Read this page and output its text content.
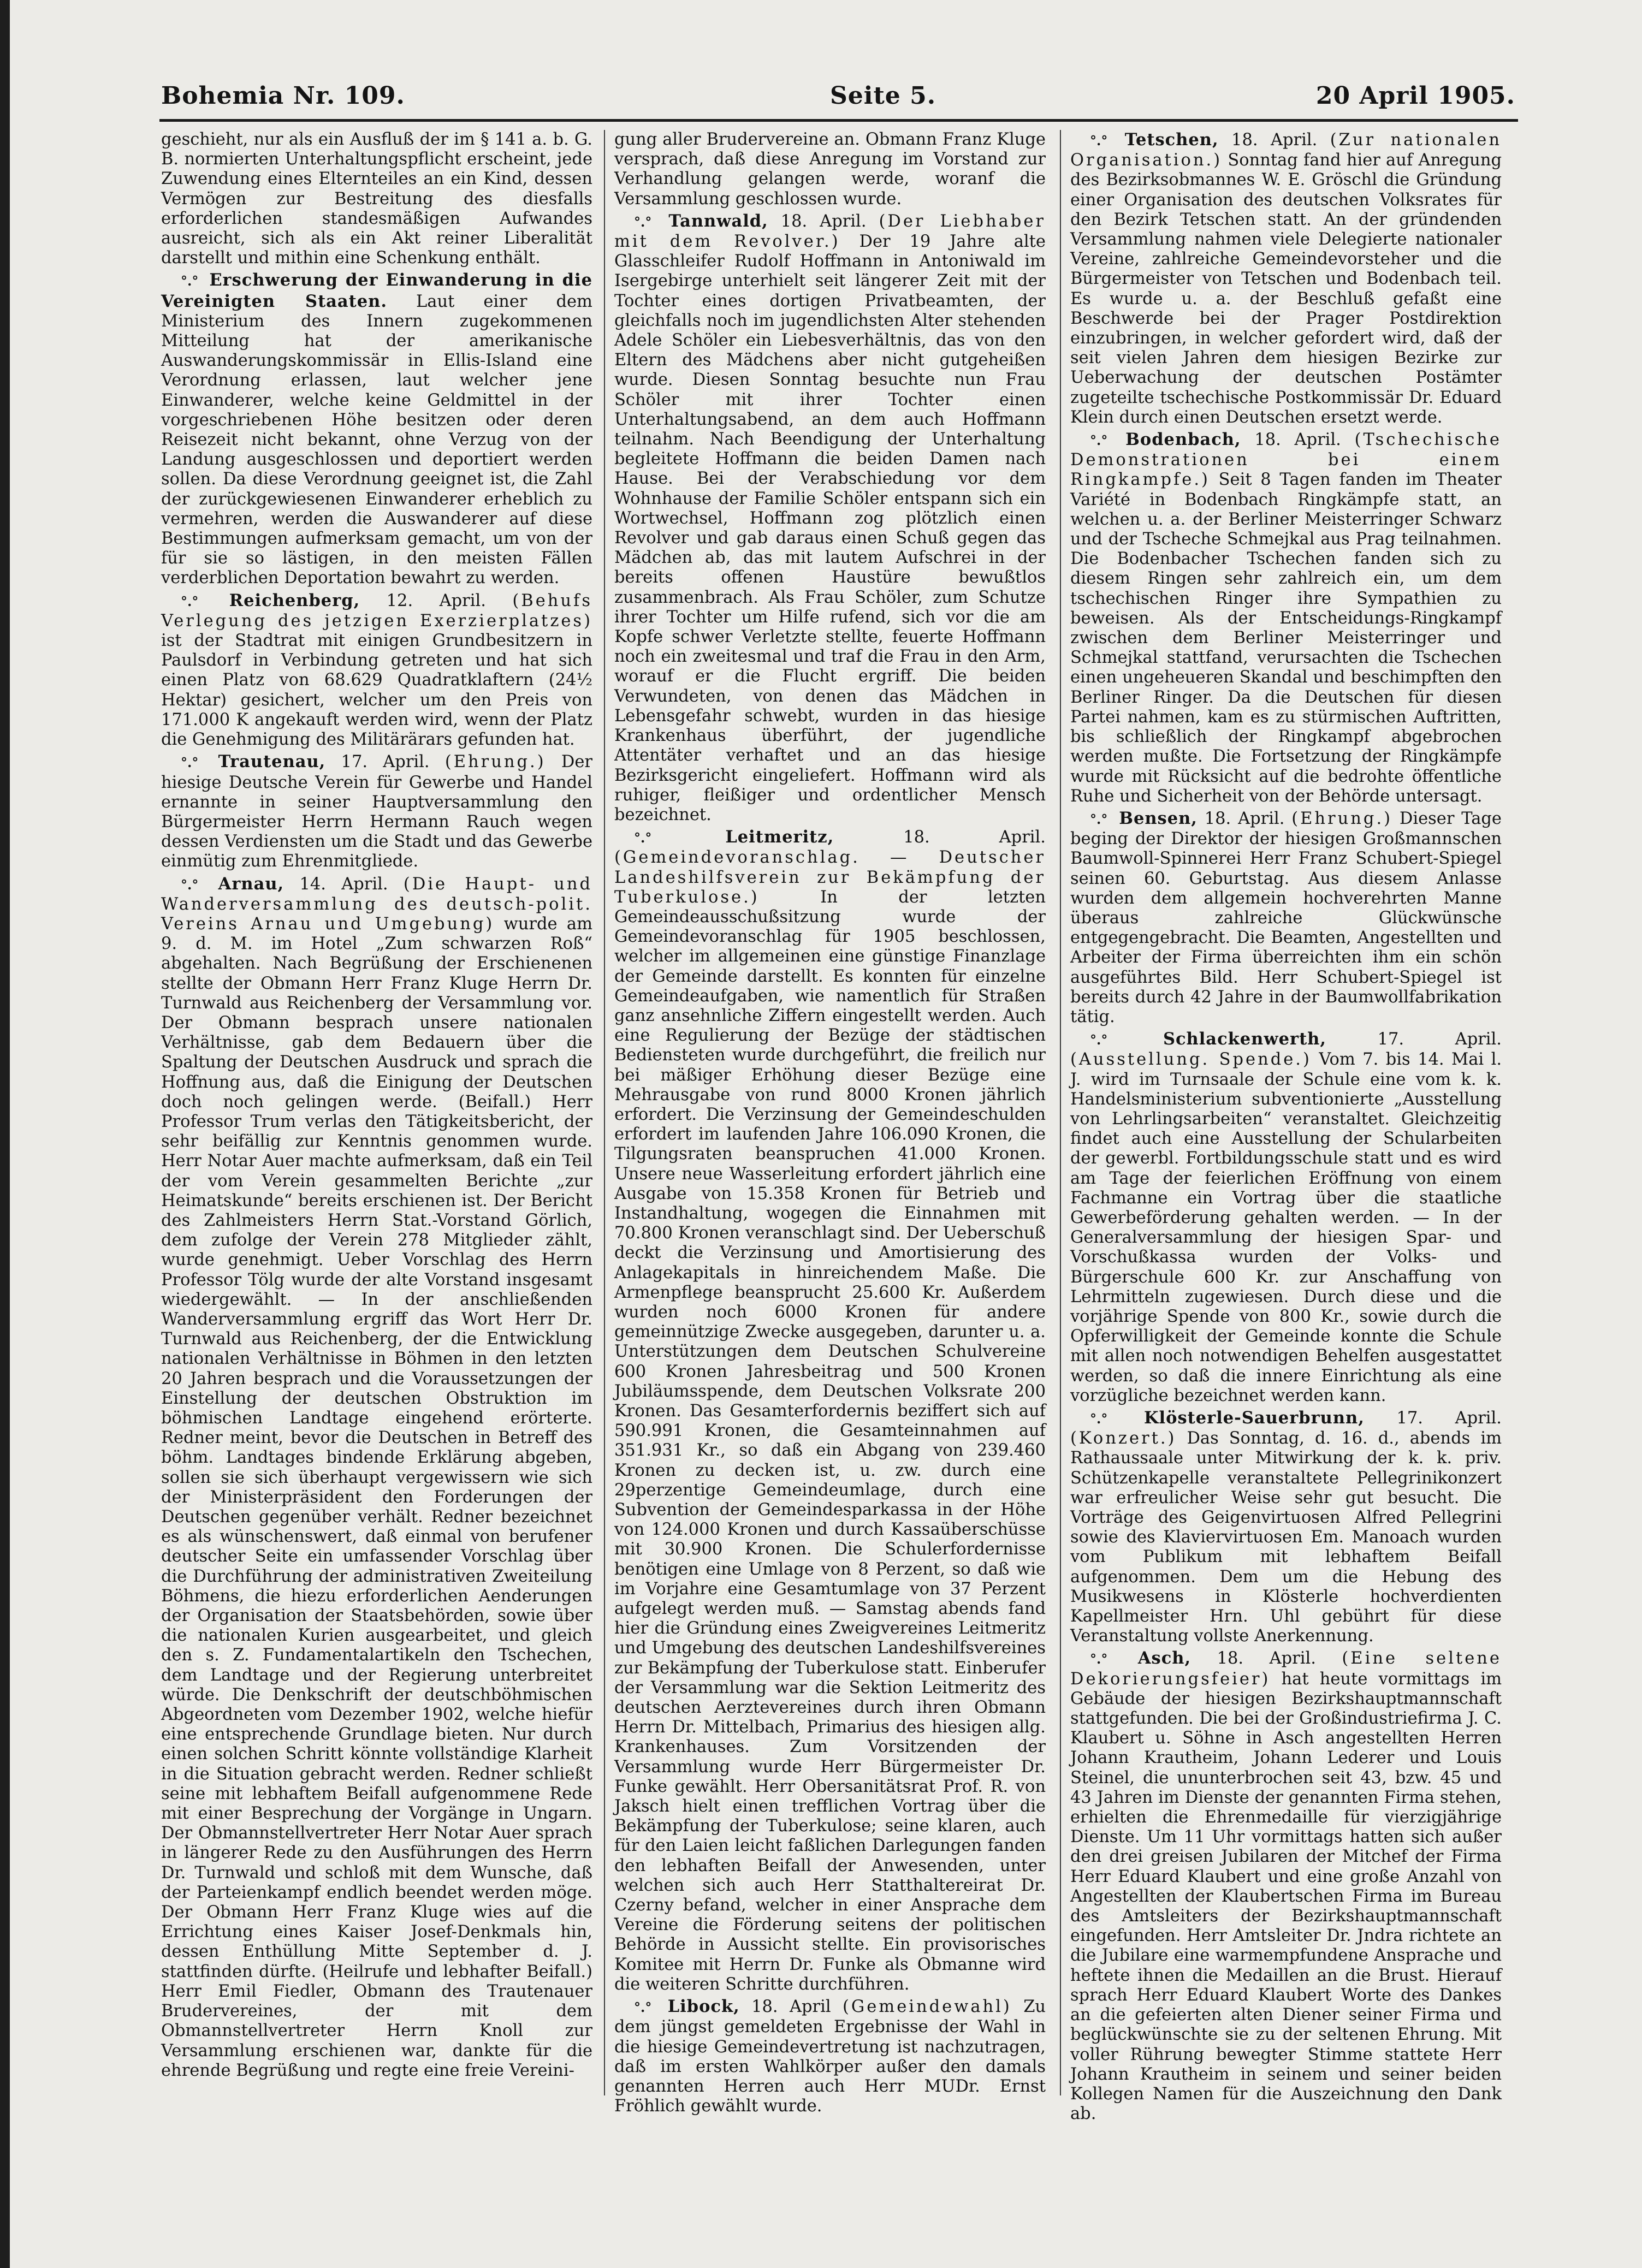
Bohemia Nr. 109.	Seite 5.	20 April 1905.

geschieht, nur als ein Ausfluß der im § 141 a. b. G. B. normierten Unterhaltungspflicht erscheint, jede Zuwendung eines Elternteiles an ein Kind, dessen Vermögen zur Bestreitung des diesfalls erforderlichen standesmäßigen Aufwandes ausreicht, sich als ein Akt reiner Liberalität darstellt und mithin eine Schenkung enthält.

°.° Erschwerung der Einwanderung in die Vereinigten Staaten. Laut einer dem Ministerium des Innern zugekommenen Mitteilung hat der amerikanische Auswanderungskommissär in Ellis-Island eine Verordnung erlassen, laut welcher jene Einwanderer, welche keine Geldmittel in der vorgeschriebenen Höhe besitzen oder deren Reisezeit nicht bekannt, ohne Verzug von der Landung ausgeschlossen und deportiert werden sollen. Da diese Verordnung geeignet ist, die Zahl der zurückgewiesenen Einwanderer erheblich zu vermehren, werden die Auswanderer auf diese Bestimmungen aufmerksam gemacht, um von der für sie so lästigen, in den meisten Fällen verderblichen Deportation bewahrt zu werden.

°.° Reichenberg, 12. April. (Behufs Verlegung des jetzigen Exerzierplatzes) ist der Stadtrat mit einigen Grundbesitzern in Paulsdorf in Verbindung getreten und hat sich einen Platz von 68.629 Quadratklaftern (24½ Hektar) gesichert, welcher um den Preis von 171.000 K angekauft werden wird, wenn der Platz die Genehmigung des Militärärars gefunden hat.

°.° Trautenau, 17. April. (Ehrung.) Der hiesige Deutsche Verein für Gewerbe und Handel ernannte in seiner Hauptversammlung den Bürgermeister Herrn Hermann Rauch wegen dessen Verdiensten um die Stadt und das Gewerbe einmütig zum Ehrenmitgliede.

°.° Arnau, 14. April. (Die Haupt- und Wanderversammlung des deutsch-polit. Vereins Arnau und Umgebung) wurde am 9. d. M. im Hotel „Zum schwarzen Roß“ abgehalten. Nach Begrüßung der Erschienenen stellte der Obmann Herr Franz Kluge Herrn Dr. Turnwald aus Reichenberg der Versammlung vor. Der Obmann besprach unsere nationalen Verhältnisse, gab dem Bedauern über die Spaltung der Deutschen Ausdruck und sprach die Hoffnung aus, daß die Einigung der Deutschen doch noch gelingen werde. (Beifall.) Herr Professor Trum verlas den Tätigkeitsbericht, der sehr beifällig zur Kenntnis genommen wurde. Herr Notar Auer machte aufmerksam, daß ein Teil der vom Verein gesammelten Berichte „zur Heimatskunde“ bereits erschienen ist. Der Bericht des Zahlmeisters Herrn Stat.-Vorstand Görlich, dem zufolge der Verein 278 Mitglieder zählt, wurde genehmigt. Ueber Vorschlag des Herrn Professor Tölg wurde der alte Vorstand insgesamt wiedergewählt. — In der anschließenden Wanderversammlung ergriff das Wort Herr Dr. Turnwald aus Reichenberg, der die Entwicklung nationalen Verhältnisse in Böhmen in den letzten 20 Jahren besprach und die Voraussetzungen der Einstellung der deutschen Obstruktion im böhmischen Landtage eingehend erörterte. Redner meint, bevor die Deutschen in Betreff des böhm. Landtages bindende Erklärung abgeben, sollen sie sich überhaupt vergewissern wie sich der Ministerpräsident den Forderungen der Deutschen gegenüber verhält. Redner bezeichnet es als wünschenswert, daß einmal von berufener deutscher Seite ein umfassender Vorschlag über die Durchführung der administrativen Zweiteilung Böhmens, die hiezu erforderlichen Aenderungen der Organisation der Staatsbehörden, sowie über die nationalen Kurien ausgearbeitet, und gleich den s. Z. Fundamentalartikeln den Tschechen, dem Landtage und der Regierung unterbreitet würde. Die Denkschrift der deutschböhmischen Abgeordneten vom Dezember 1902, welche hiefür eine entsprechende Grundlage bieten. Nur durch einen solchen Schritt könnte vollständige Klarheit in die Situation gebracht werden. Redner schließt seine mit lebhaftem Beifall aufgenommene Rede mit einer Besprechung der Vorgänge in Ungarn. Der Obmannstellvertreter Herr Notar Auer sprach in längerer Rede zu den Ausführungen des Herrn Dr. Turnwald und schloß mit dem Wunsche, daß der Parteienkampf endlich beendet werden möge. Der Obmann Herr Franz Kluge wies auf die Errichtung eines Kaiser Josef-Denkmals hin, dessen Enthüllung Mitte September d. J. stattfinden dürfte. (Heilrufe und lebhafter Beifall.) Herr Emil Fiedler, Obmann des Trautenauer Brudervereines, der mit dem Obmannstellvertreter Herrn Knoll zur Versammlung erschienen war, dankte für die ehrende Begrüßung und regte eine freie Vereini-

gung aller Brudervereine an. Obmann Franz Kluge versprach, daß diese Anregung im Vorstand zur Verhandlung gelangen werde, woranf die Versammlung geschlossen wurde.

°.° Tannwald, 18. April. (Der Liebhaber mit dem Revolver.) Der 19 Jahre alte Glasschleifer Rudolf Hoffmann in Antoniwald im Isergebirge unterhielt seit längerer Zeit mit der Tochter eines dortigen Privatbeamten, der gleichfalls noch im jugendlichsten Alter stehenden Adele Schöler ein Liebesverhältnis, das von den Eltern des Mädchens aber nicht gutgeheißen wurde. Diesen Sonntag besuchte nun Frau Schöler mit ihrer Tochter einen Unterhaltungsabend, an dem auch Hoffmann teilnahm. Nach Beendigung der Unterhaltung begleitete Hoffmann die beiden Damen nach Hause. Bei der Verabschiedung vor dem Wohnhause der Familie Schöler entspann sich ein Wortwechsel, Hoffmann zog plötzlich einen Revolver und gab daraus einen Schuß gegen das Mädchen ab, das mit lautem Aufschrei in der bereits offenen Haustüre bewußtlos zusammenbrach. Als Frau Schöler, zum Schutze ihrer Tochter um Hilfe rufend, sich vor die am Kopfe schwer Verletzte stellte, feuerte Hoffmann noch ein zweitesmal und traf die Frau in den Arm, worauf er die Flucht ergriff. Die beiden Verwundeten, von denen das Mädchen in Lebensgefahr schwebt, wurden in das hiesige Krankenhaus überführt, der jugendliche Attentäter verhaftet und an das hiesige Bezirksgericht eingeliefert. Hoffmann wird als ruhiger, fleißiger und ordentlicher Mensch bezeichnet.

°.°	Leitmeritz,	18. April. (Gemeindevoranschlag. — Deutscher Landeshilfsverein zur Bekämpfung der Tuberkulose.)	In der letzten Gemeindeausschußsitzung wurde der Gemeindevoranschlag für 1905 beschlossen, welcher im allgemeinen eine günstige Finanzlage der Gemeinde darstellt. Es konnten für einzelne Gemeindeaufgaben, wie namentlich für Straßen ganz ansehnliche Ziffern eingestellt werden. Auch eine Regulierung der Bezüge der städtischen Bediensteten wurde durchgeführt, die freilich nur bei mäßiger Erhöhung dieser Bezüge eine Mehrausgabe von rund 8000 Kronen jährlich erfordert. Die Verzinsung der Gemeindeschulden erfordert im laufenden Jahre 106.090 Kronen, die Tilgungsraten beanspruchen 41.000 Kronen. Unsere neue Wasserleitung erfordert jährlich eine Ausgabe von 15.358 Kronen für Betrieb und Instandhaltung, wogegen die Einnahmen mit 70.800 Kronen veranschlagt sind. Der Ueberschuß deckt die Verzinsung und Amortisierung des Anlagekapitals in hinreichendem Maße. Die Armenpflege beansprucht 25.600 Kr. Außerdem wurden noch 6000 Kronen für andere gemeinnützige Zwecke ausgegeben, darunter u. a. Unterstützungen dem Deutschen Schulvereine 600 Kronen Jahresbeitrag und 500 Kronen Jubiläumsspende, dem Deutschen Volksrate 200 Kronen. Das Gesamterfordernis beziffert sich auf 590.991 Kronen, die Gesamteinnahmen auf 351.931 Kr., so daß ein Abgang von 239.460 Kronen zu decken ist, u. zw. durch eine 29perzentige Gemeindeumlage, durch eine Subvention der Gemeindesparkassa in der Höhe von 124.000 Kronen und durch Kassaüberschüsse mit 30.900 Kronen. Die Schulerfordernisse benötigen eine Umlage von 8 Perzent, so daß wie im Vorjahre eine Gesamtumlage von 37 Perzent aufgelegt werden muß. — Samstag abends fand hier die Gründung eines Zweigvereines Leitmeritz und Umgebung des deutschen Landeshilfsvereines zur Bekämpfung der Tuberkulose statt. Einberufer der Versammlung war die Sektion Leitmeritz des deutschen Aerztevereines durch ihren Obmann Herrn Dr. Mittelbach, Primarius des hiesigen allg. Krankenhauses. Zum Vorsitzenden der Versammlung wurde Herr Bürgermeister Dr. Funke gewählt. Herr Obersanitätsrat Prof. R. von Jaksch hielt einen trefflichen Vortrag über die Bekämpfung der Tuberkulose; seine klaren, auch für den Laien leicht faßlichen Darlegungen fanden den lebhaften Beifall der Anwesenden, unter welchen sich auch Herr Statthaltereirat Dr. Czerny befand, welcher in einer Ansprache dem Vereine die Förderung seitens der politischen Behörde in Aussicht stellte. Ein provisorisches Komitee mit Herrn Dr. Funke als Obmanne wird die weiteren Schritte durchführen.

°.° Libock, 18. April (Gemeindewahl) Zu dem jüngst gemeldeten Ergebnisse der Wahl in die hiesige Gemeindevertretung ist nachzutragen, daß im ersten Wahlkörper außer den damals genannten Herren auch Herr MUDr. Ernst Fröhlich gewählt wurde.

°.° Tetschen, 18. April. (Zur nationalen Organisation.) Sonntag fand hier auf Anregung des Bezirksobmannes W. E. Gröschl die Gründung einer Organisation des deutschen Volksrates für den Bezirk Tetschen statt. An der gründenden Versammlung nahmen viele Delegierte nationaler Vereine, zahlreiche Gemeindevorsteher und die Bürgermeister von Tetschen und Bodenbach teil. Es wurde u. a. der Beschluß gefaßt eine Beschwerde bei der Prager Postdirektion einzubringen, in welcher gefordert wird, daß der seit vielen Jahren dem hiesigen Bezirke zur Ueberwachung der deutschen Postämter zugeteilte tschechische Postkommissär Dr. Eduard Klein durch einen Deutschen ersetzt werde.

°.° Bodenbach, 18. April. (Tschechische Demonstrationen bei einem Ringkampfe.) Seit 8 Tagen fanden im Theater Variété in Bodenbach Ringkämpfe statt, an welchen u. a. der Berliner Meisterringer Schwarz und der Tscheche Schmejkal aus Prag teilnahmen. Die Bodenbacher Tschechen fanden sich zu diesem Ringen sehr zahlreich ein, um dem tschechischen Ringer ihre Sympathien zu beweisen. Als der Entscheidungs-Ringkampf zwischen dem Berliner Meisterringer und Schmejkal stattfand, verursachten die Tschechen einen ungeheueren Skandal und beschimpften den Berliner Ringer. Da die Deutschen für diesen Partei nahmen, kam es zu stürmischen Auftritten, bis schließlich der Ringkampf abgebrochen werden mußte. Die Fortsetzung der Ringkämpfe wurde mit Rücksicht auf die bedrohte öffentliche Ruhe und Sicherheit von der Behörde untersagt.

°.° Bensen, 18. April. (Ehrung.) Dieser Tage beging der Direktor der hiesigen Großmannschen Baumwoll-Spinnerei Herr Franz Schubert-Spiegel seinen 60. Geburtstag. Aus diesem Anlasse wurden dem allgemein hochverehrten Manne überaus zahlreiche Glückwünsche entgegengebracht. Die Beamten, Angestellten und Arbeiter der Firma überreichten ihm ein schön ausgeführtes Bild. Herr Schubert-Spiegel ist bereits durch 42 Jahre in der Baumwollfabrikation tätig.

°.°	Schlackenwerth,	17. April. (Ausstellung. Spende.) Vom 7. bis 14. Mai l. J. wird im Turnsaale der Schule eine vom k. k. Handelsministerium subventionierte „Ausstellung von Lehrlingsarbeiten“ veranstaltet. Gleichzeitig findet auch eine Ausstellung der Schularbeiten der gewerbl. Fortbildungsschule statt und es wird am Tage der feierlichen Eröffnung von einem Fachmanne ein Vortrag über die staatliche Gewerbeförderung gehalten werden. — In der Generalversammlung der hiesigen Spar- und Vorschußkassa wurden der Volks- und Bürgerschule 600 Kr. zur Anschaffung von Lehrmitteln zugewiesen. Durch diese und die vorjährige Spende von 800 Kr., sowie durch die Opferwilligkeit der Gemeinde konnte die Schule mit allen noch notwendigen Behelfen ausgestattet werden, so daß die innere Einrichtung als eine vorzügliche bezeichnet werden kann.

°.° Klösterle-Sauerbrunn, 17. April. (Konzert.) Das Sonntag, d. 16. d., abends im Rathaussaale unter Mitwirkung der k. k. priv. Schützenkapelle veranstaltete Pellegrinikonzert war erfreulicher Weise sehr gut besucht. Die Vorträge des Geigenvirtuosen Alfred Pellegrini sowie des Klaviervirtuosen Em. Manoach wurden vom Publikum mit lebhaftem Beifall aufgenommen. Dem um die Hebung des Musikwesens in Klösterle hochverdienten Kapellmeister Hrn. Uhl gebührt für diese Veranstaltung vollste Anerkennung.

°.° Asch, 18. April. (Eine seltene Dekorierungsfeier) hat heute vormittags im Gebäude der hiesigen Bezirkshauptmannschaft stattgefunden. Die bei der Großindustriefirma J. C. Klaubert u. Söhne in Asch angestellten Herren Johann Krautheim, Johann Lederer und Louis Steinel, die ununterbrochen seit 43, bzw. 45 und 43 Jahren im Dienste der genannten Firma stehen, erhielten die Ehrenmedaille für vierzigjährige Dienste. Um 11 Uhr vormittags hatten sich außer den drei greisen Jubilaren der Mitchef der Firma Herr Eduard Klaubert und eine große Anzahl von Angestellten der Klaubertschen Firma im Bureau des Amtsleiters der Bezirkshauptmannschaft eingefunden. Herr Amtsleiter Dr. Jndra richtete an die Jubilare eine warmempfundene Ansprache und heftete ihnen die Medaillen an die Brust. Hierauf sprach Herr Eduard Klaubert Worte des Dankes an die gefeierten alten Diener seiner Firma und beglückwünschte sie zu der seltenen Ehrung. Mit voller Rührung bewegter Stimme stattete Herr Johann Krautheim in seinem und seiner beiden Kollegen Namen für die Auszeichnung den Dank ab.
